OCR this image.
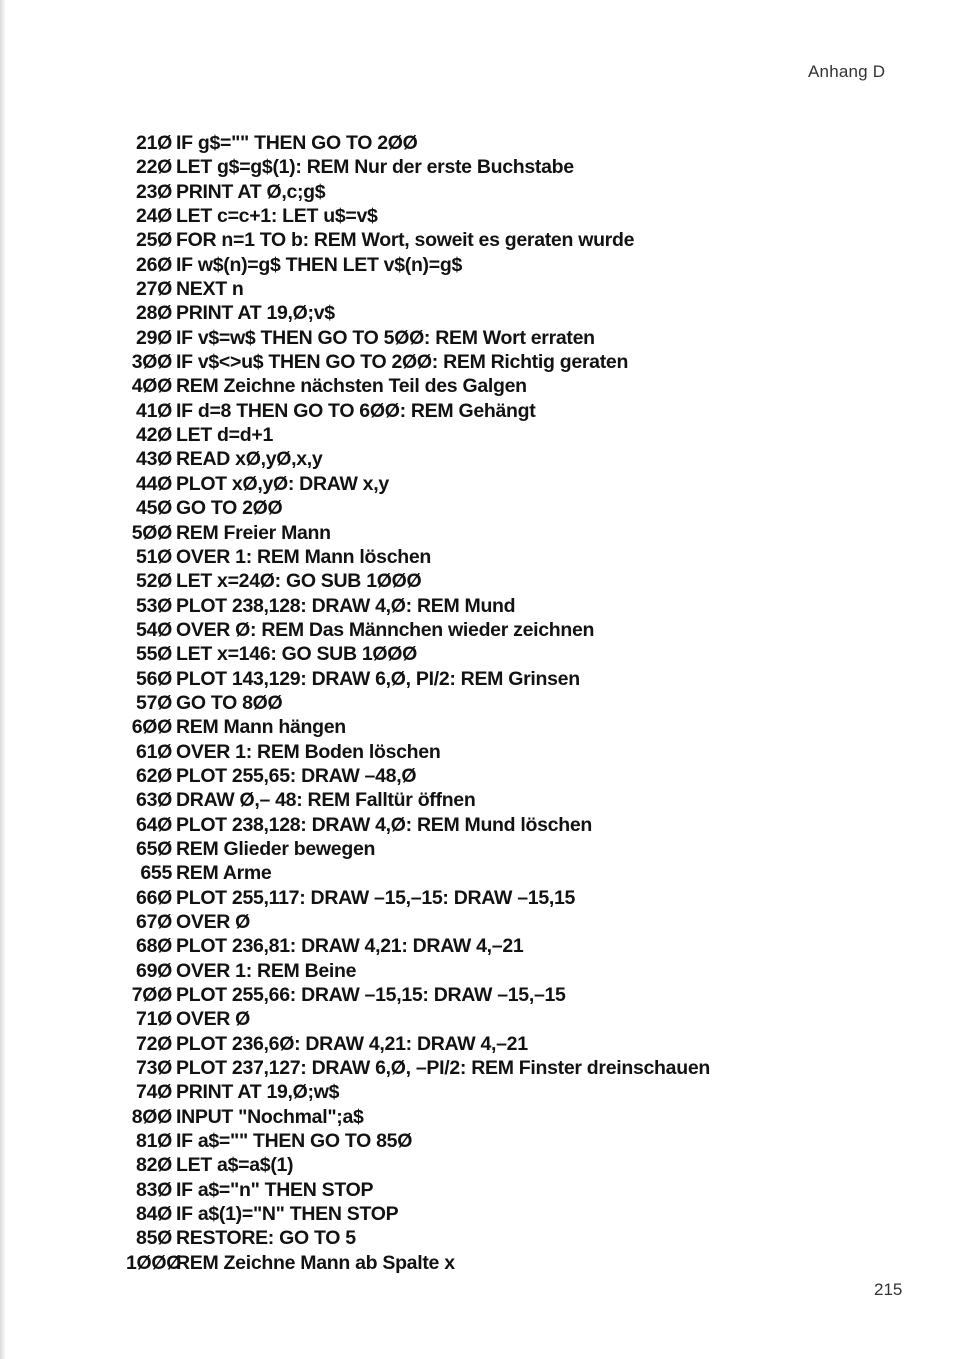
Anhang D
21Ø IF g$="" THEN GO TO 2ØØ
22Ø LET g$=g$(1): REM Nur der erste Buchstabe
23Ø PRINT AT Ø,c;g$
24Ø LET c=c+1: LET u$=v$
25Ø FOR n=1 TO b: REM Wort, soweit es geraten wurde
26Ø IF w$(n)=g$ THEN LET v$(n)=g$
27Ø NEXT n
28Ø PRINT AT 19,Ø;v$
29Ø IF v$=w$ THEN GO TO 5ØØ: REM Wort erraten
3ØØ IF v$<>u$ THEN GO TO 2ØØ: REM Richtig geraten
4ØØ REM Zeichne nächsten Teil des Galgen
41Ø IF d=8 THEN GO TO 6ØØ: REM Gehängt
42Ø LET d=d+1
43Ø READ xØ,yØ,x,y
44Ø PLOT xØ,yØ: DRAW x,y
45Ø GO TO 2ØØ
5ØØ REM Freier Mann
51Ø OVER 1: REM Mann löschen
52Ø LET x=24Ø: GO SUB 1ØØØ
53Ø PLOT 238,128: DRAW 4,Ø: REM Mund
54Ø OVER Ø: REM Das Männchen wieder zeichnen
55Ø LET x=146: GO SUB 1ØØØ
56Ø PLOT 143,129: DRAW 6,Ø, PI/2: REM Grinsen
57Ø GO TO 8ØØ
6ØØ REM Mann hängen
61Ø OVER 1: REM Boden löschen
62Ø PLOT 255,65: DRAW –48,Ø
63Ø DRAW Ø,– 48: REM Falltür öffnen
64Ø PLOT 238,128: DRAW 4,Ø: REM Mund löschen
65Ø REM Glieder bewegen
655 REM Arme
66Ø PLOT 255,117: DRAW –15,–15: DRAW –15,15
67Ø OVER Ø
68Ø PLOT 236,81: DRAW 4,21: DRAW 4,–21
69Ø OVER 1: REM Beine
7ØØ PLOT 255,66: DRAW –15,15: DRAW –15,–15
71Ø OVER Ø
72Ø PLOT 236,6Ø: DRAW 4,21: DRAW 4,–21
73Ø PLOT 237,127: DRAW 6,Ø, –PI/2: REM Finster dreinschauen
74Ø PRINT AT 19,Ø;w$
8ØØ INPUT "Nochmal";a$
81Ø IF a$="" THEN GO TO 85Ø
82Ø LET a$=a$(1)
83Ø IF a$="n" THEN STOP
84Ø IF a$(1)="N" THEN STOP
85Ø RESTORE: GO TO 5
1ØØØREM Zeichne Mann ab Spalte x
215
